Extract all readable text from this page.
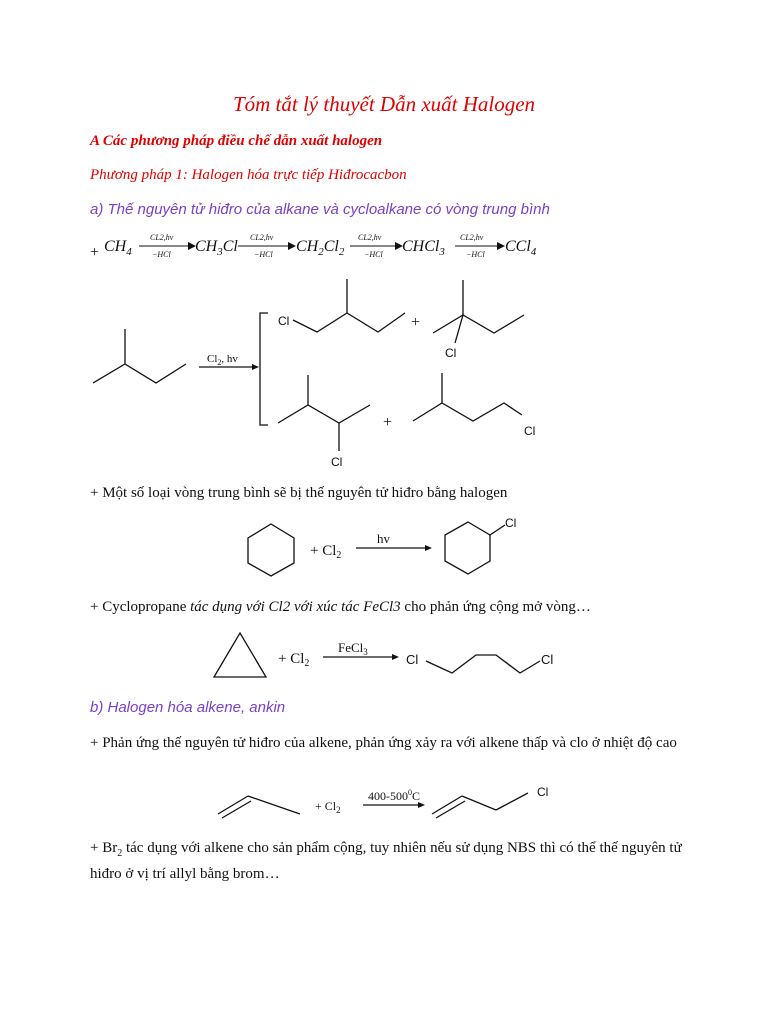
Tóm tắt lý thuyết Dẫn xuất Halogen
A Các phương pháp điều chế dẫn xuất halogen
Phương pháp 1: Halogen hóa trực tiếp Hiđrocacbon
a) Thế nguyên tử hiđro của alkane và cycloalkane có vòng trung bình
+ $CH_4$
CL2,hv
−HCl $CH_3Cl$
CL2,hv
−HCl $CH_2Cl_2$
CL2,hv
−HCl CHCl$_3$
CL2,hv
−HCl CCl$_4$
$Cl_2$, hv
Cl	+
Cl
+
Cl
Cl
+ Một số loại vòng trung bình sẽ bị thế nguyên tử hiđro bằng halogen
+ $Cl_2$
hv
Cl
+ Cyclopropane tác dụng với Cl2 với xúc tác FeCl3 cho phản ứng cộng mở vòng…
+ $Cl_2$
FeCl$_3$	Cl	Cl
b) Halogen hóa alkene, ankin
+ Phản ứng thế nguyên tử hiđro của alkene, phản ứng xảy ra với alkene thấp và clo ở nhiệt độ cao
+ $Cl_2$
$400-500^0C$	Cl
+ $Br_2$ tác dụng với alkene cho sản phẩm cộng, tuy nhiên nếu sử dụng NBS thì có thể thế nguyên tử hiđro ở vị trí allyl bằng brom…
